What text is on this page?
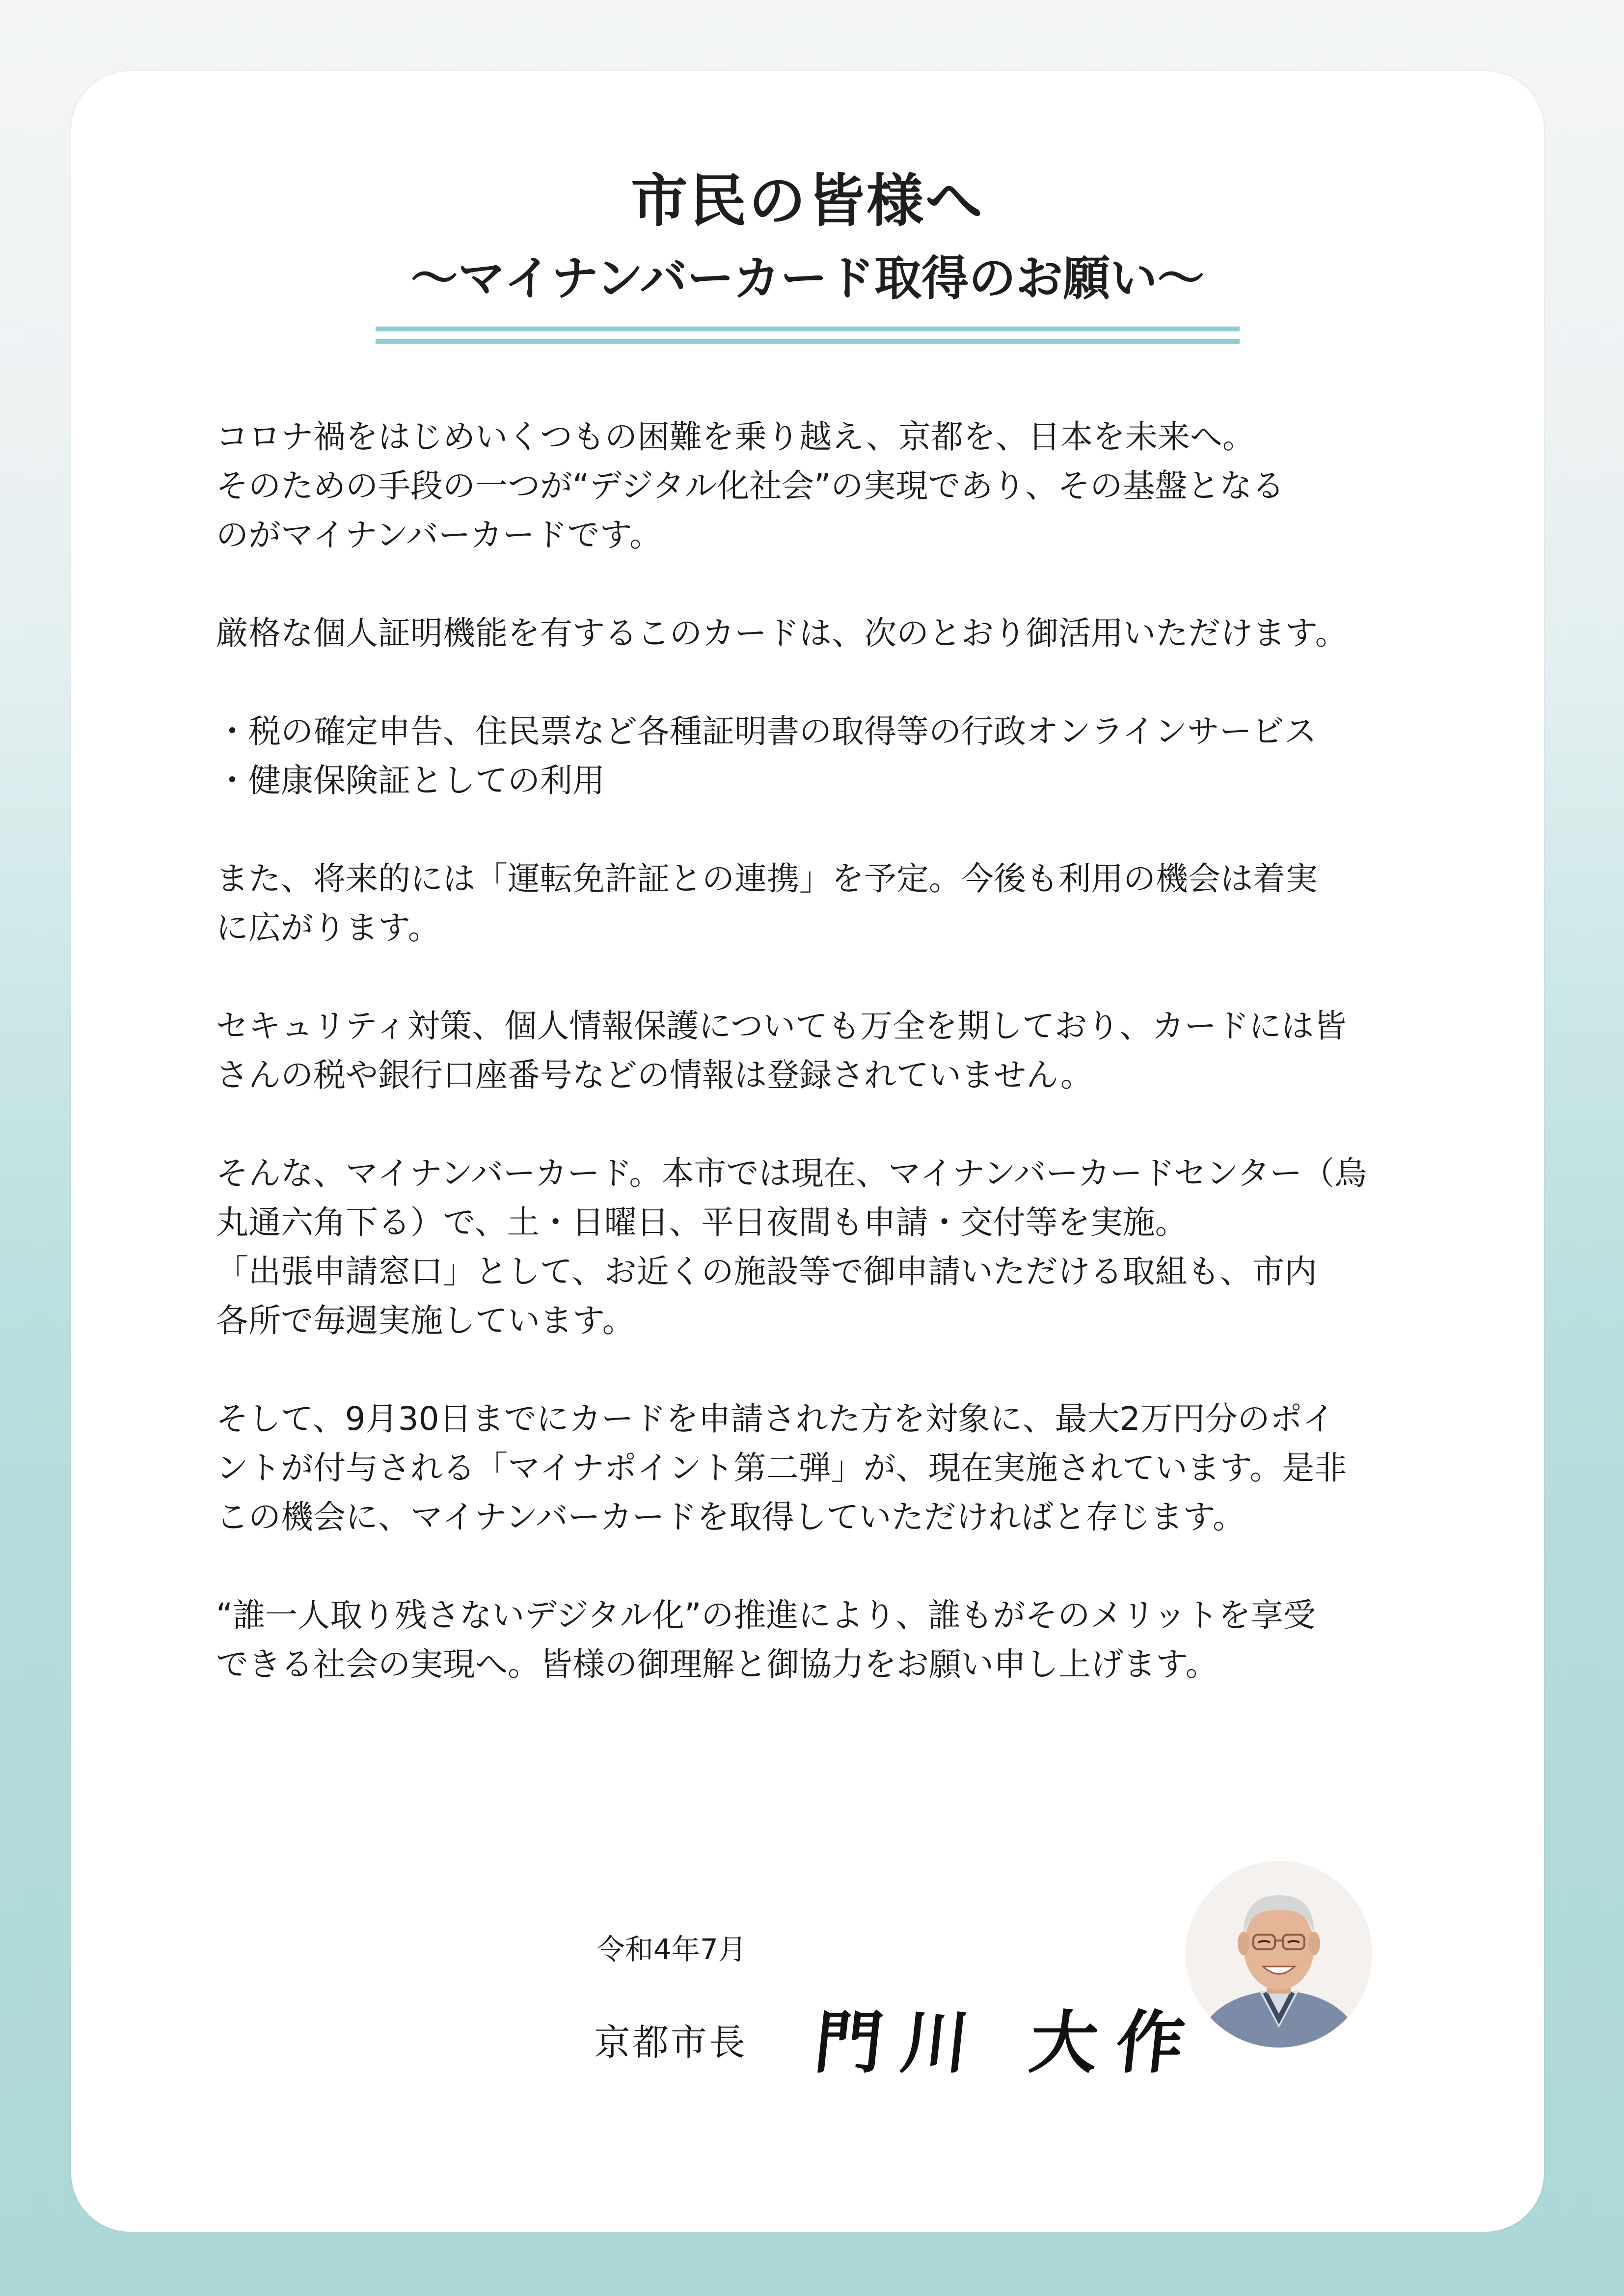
市民の皆様へ
〜マイナンバーカード取得のお願い〜

コロナ禍をはじめいくつもの困難を乗り越え、京都を、日本を未来へ。
そのための手段の一つが“デジタル化社会”の実現であり、その基盤となる
のがマイナンバーカードです。

厳格な個人証明機能を有するこのカードは、次のとおり御活用いただけます。

・税の確定申告、住民票など各種証明書の取得等の行政オンラインサービス
・健康保険証としての利用

また、将来的には「運転免許証との連携」を予定。今後も利用の機会は着実
に広がります。

セキュリティ対策、個人情報保護についても万全を期しており、カードには皆
さんの税や銀行口座番号などの情報は登録されていません。

そんな、マイナンバーカード。本市では現在、マイナンバーカードセンター（烏
丸通六角下る）で、土・日曜日、平日夜間も申請・交付等を実施。
「出張申請窓口」として、お近くの施設等で御申請いただける取組も、市内
各所で毎週実施しています。

そして、9月30日までにカードを申請された方を対象に、最大2万円分のポイ
ントが付与される「マイナポイント第二弾」が、現在実施されています。是非
この機会に、マイナンバーカードを取得していただければと存じます。

“誰一人取り残さないデジタル化”の推進により、誰もがそのメリットを享受
できる社会の実現へ。皆様の御理解と御協力をお願い申し上げます。

令和4年7月
京都市長 門川 大作
